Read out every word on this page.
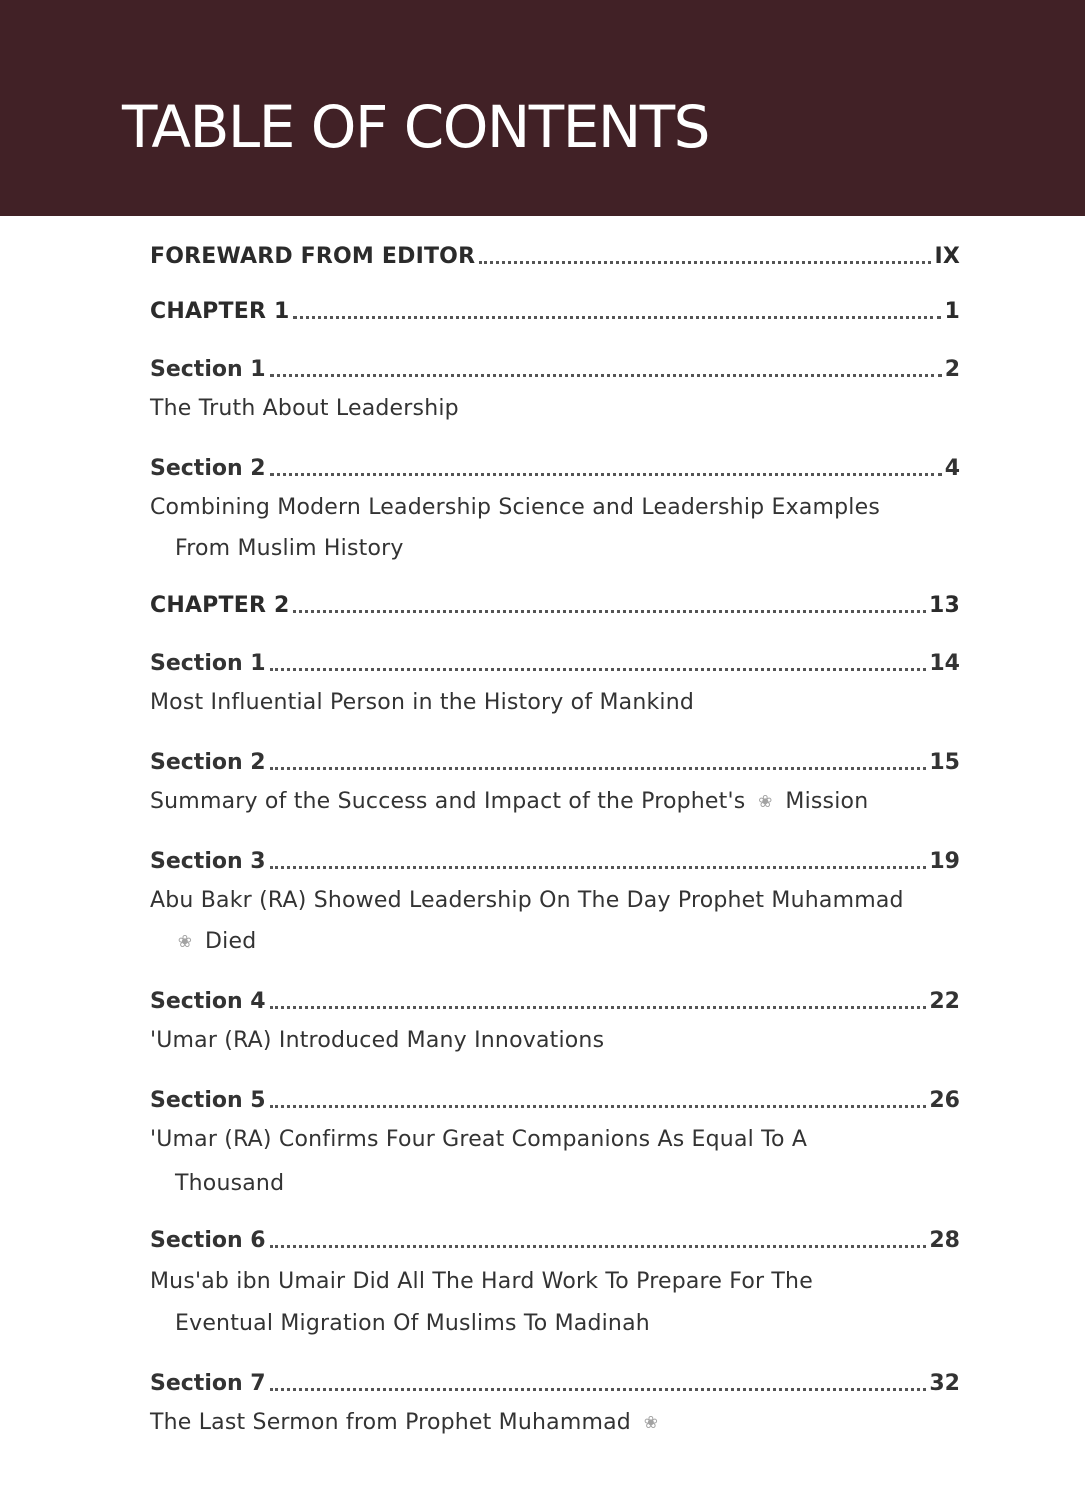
TABLE OF CONTENTS
FOREWARD FROM EDITOR	IX
CHAPTER 1	1
Section 1	2
The Truth About Leadership
Section 2	4
Combining Modern Leadership Science and Leadership Examples
From Muslim History
CHAPTER 2	13
Section 1	14
Most Influential Person in the History of Mankind
Section 2	15
Summary of the Success and Impact of the Prophet's ❀ Mission
Section 3	19
Abu Bakr (RA) Showed Leadership On The Day Prophet Muhammad
❀ Died
Section 4	22
'Umar (RA) Introduced Many Innovations
Section 5	26
'Umar (RA) Confirms Four Great Companions As Equal To A
Thousand
Section 6	28
Mus'ab ibn Umair Did All The Hard Work To Prepare For The
Eventual Migration Of Muslims To Madinah
Section 7	32
The Last Sermon from Prophet Muhammad ❀
